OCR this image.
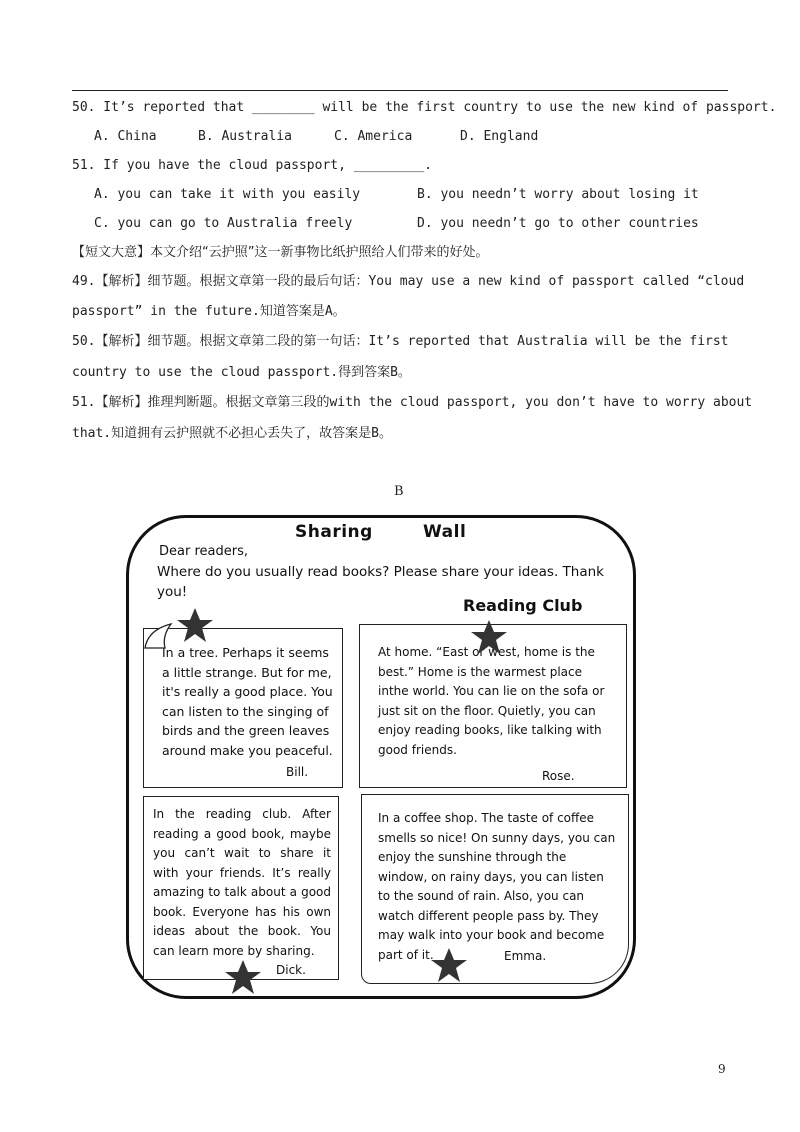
50. It’s reported that ________ will be the first country to use the new kind of passport.
A. China	B. Australia	C. America	D. England
51. If you have the cloud passport, _________.
A. you can take it with you easily	B. you needn’t worry about losing it
C. you can go to Australia freely	D. you needn’t go to other countries
【短文大意】本文介绍“云护照”这一新事物比纸护照给人们带来的好处。
49.【解析】细节题。根据文章第一段的最后句话：You may use a new kind of passport called “cloud
passport” in the future.知道答案是A。
50.【解析】细节题。根据文章第二段的第一句话：It’s reported that Australia will be the first
country to use the cloud passport.得到答案B。
51.【解析】推理判断题。根据文章第三段的with the cloud passport, you don’t have to worry about
that.知道拥有云护照就不必担心丢失了，故答案是B。
B
Sharing	Wall
Dear readers,
Where do you usually read books? Please share your ideas. Thank you!
Reading Club
In a tree. Perhaps it seems a little strange. But for me, it's really a good place. You can listen to the singing of birds and the green leaves around make you peaceful.
Bill.
At home. “East or west, home is the best.” Home is the warmest place inthe world. You can lie on the sofa or just sit on the floor. Quietly, you can enjoy reading books, like talking with good friends.
Rose.
In the reading club. After reading a good book, maybe you can’t wait to share it with your friends. It’s really amazing to talk about a good book. Everyone has his own ideas about the book. You can learn more by sharing.
Dick.
In a coffee shop. The taste of coffee smells so nice! On sunny days, you can enjoy the sunshine through the window, on rainy days, you can listen to the sound of rain. Also, you can watch different people pass by. They may walk into your book and become part of it.	Emma.
9
